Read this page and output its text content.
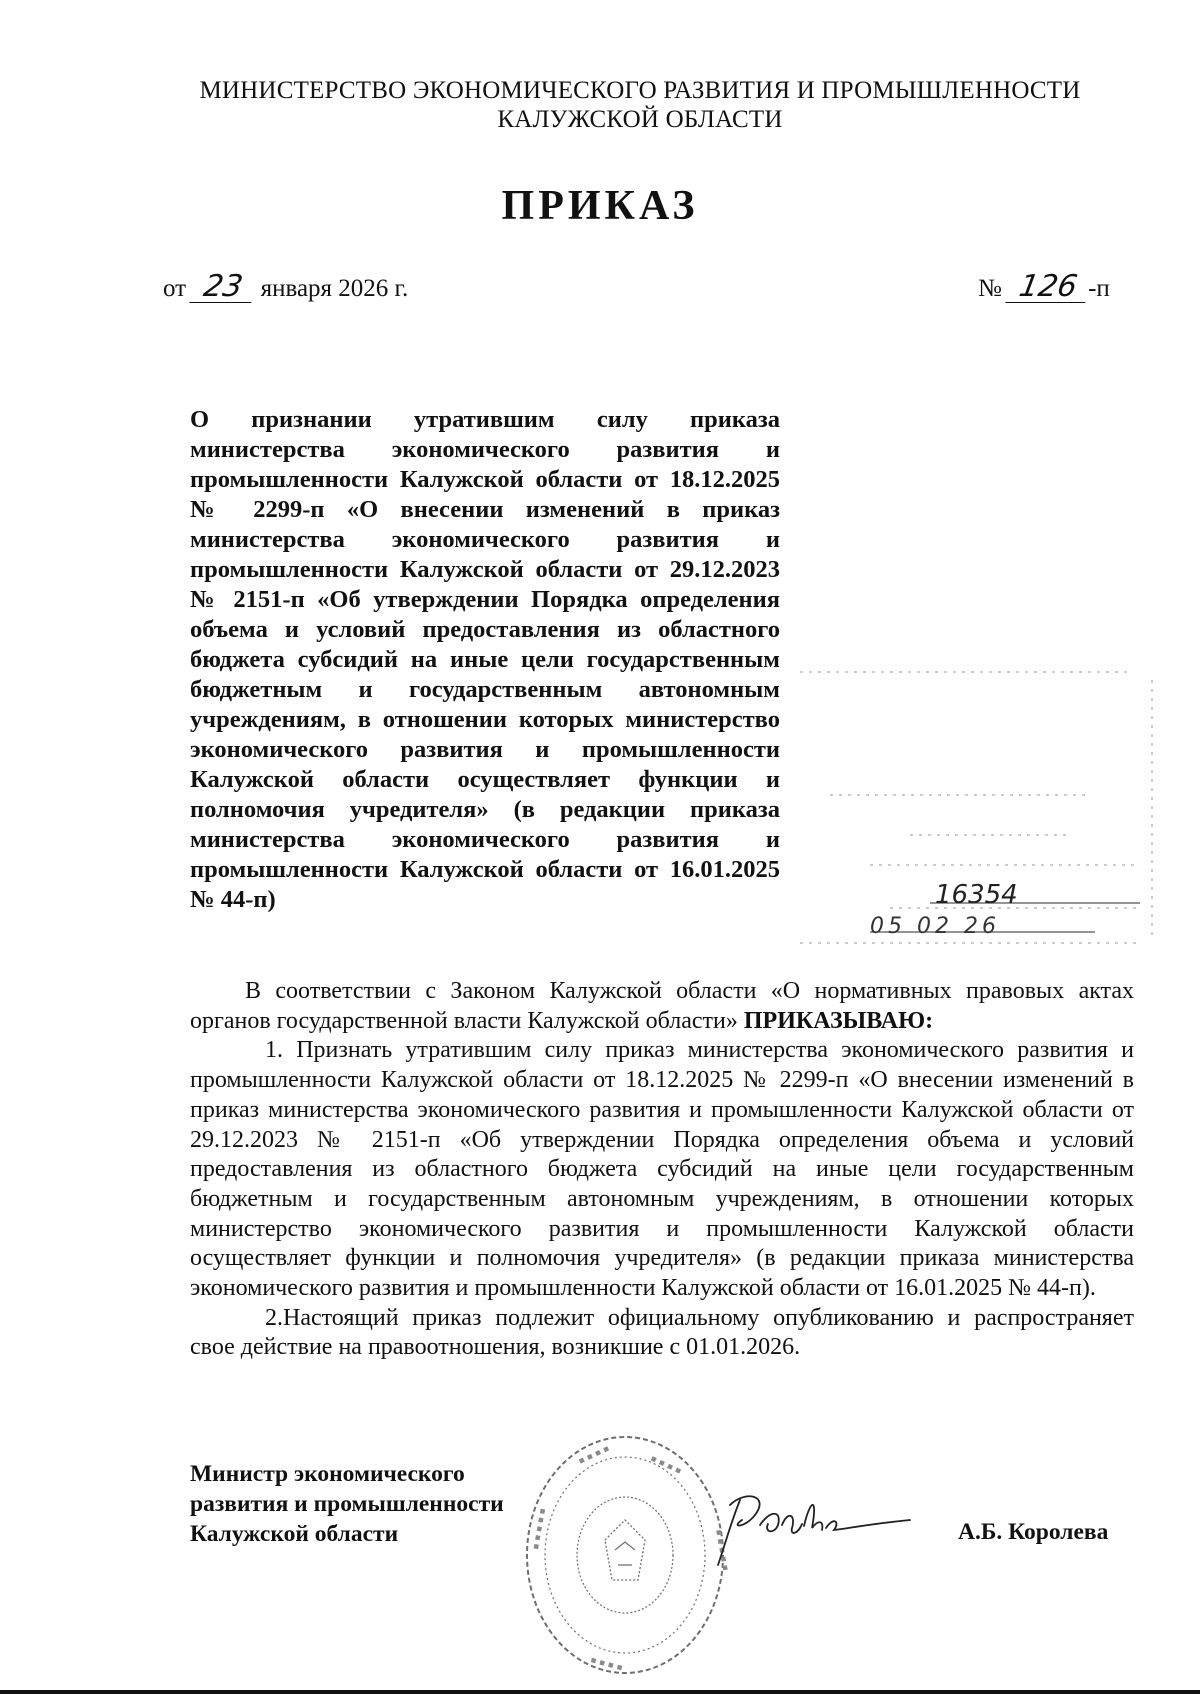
МИНИСТЕРСТВО ЭКОНОМИЧЕСКОГО РАЗВИТИЯ И ПРОМЫШЛЕННОСТИ
КАЛУЖСКОЙ ОБЛАСТИ
ПРИКАЗ
от 23 января 2026 г.	№ 126 -п

О признании утратившим силу приказа министерства экономического развития и промышленности Калужской области от 18.12.2025 № 2299-п «О внесении изменений в приказ министерства экономического развития и промышленности Калужской области от 29.12.2023 № 2151-п «Об утверждении Порядка определения объема и условий предоставления из областного бюджета субсидий на иные цели государственным бюджетным и государственным автономным учреждениям, в отношении которых министерство экономического развития и промышленности Калужской области осуществляет функции и полномочия учредителя» (в редакции приказа министерства экономического развития и промышленности Калужской области от 16.01.2025 № 44-п)	16354
05 02 26

В соответствии с Законом Калужской области «О нормативных правовых актах органов государственной власти Калужской области» ПРИКАЗЫВАЮ:

1. Признать утратившим силу приказ министерства экономического развития и промышленности Калужской области от 18.12.2025 № 2299-п «О внесении изменений в приказ министерства экономического развития и промышленности Калужской области от 29.12.2023 № 2151-п «Об утверждении Порядка определения объема и условий предоставления из областного бюджета субсидий на иные цели государственным бюджетным и государственным автономным учреждениям, в отношении которых министерство экономического развития и промышленности Калужской области осуществляет функции и полномочия учредителя» (в редакции приказа министерства экономического развития и промышленности Калужской области от 16.01.2025 № 44-п).

2.Настоящий приказ подлежит официальному опубликованию и распространяет свое действие на правоотношения, возникшие с 01.01.2026.

Министр экономического
развития и промышленности
Калужской области
▪ ▪ ▪ ▪	▪ ▪ ▪ ▪
▪ ▪ ▪ ▪ ▪	▪ ▪ ▪ ▪ ▪
▪ ▪ ▪ ▪
А.Б. Королева
